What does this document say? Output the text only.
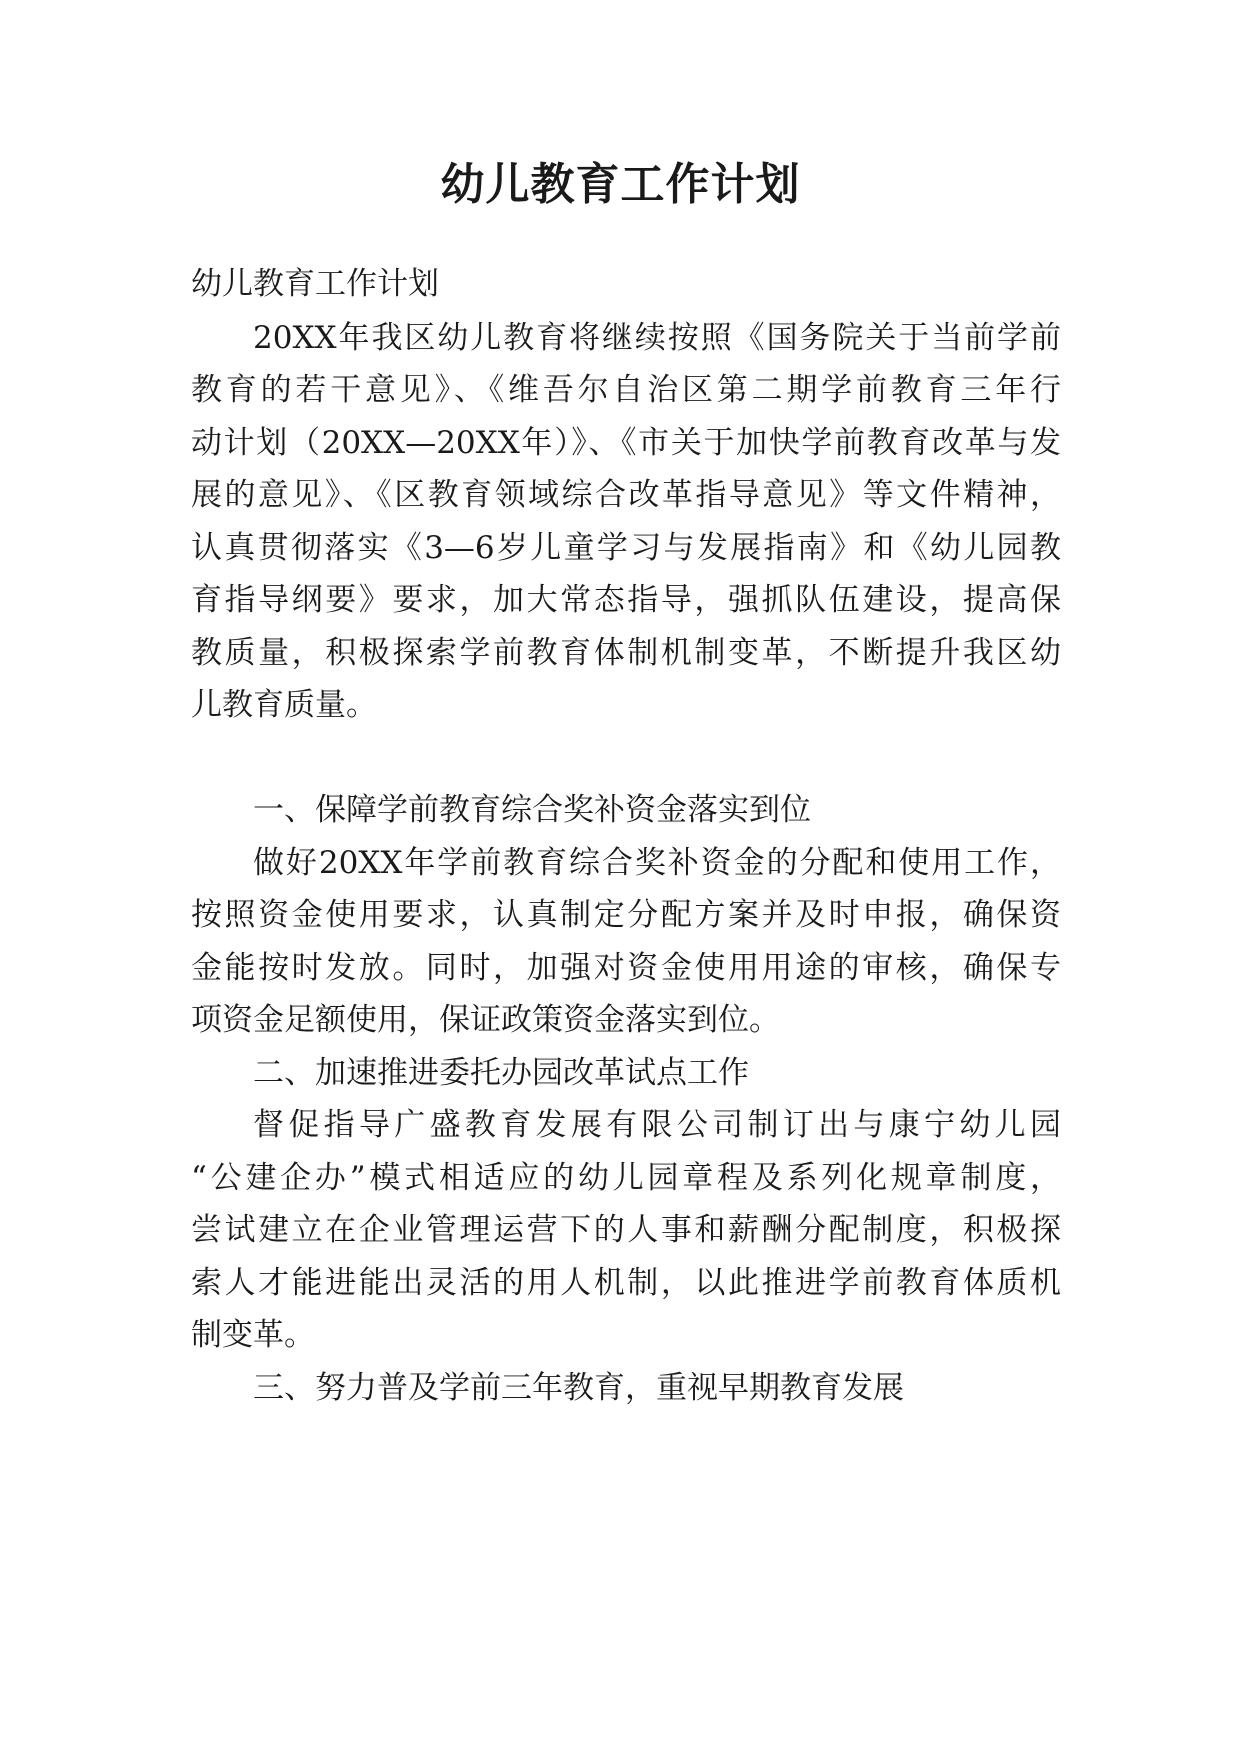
幼儿教育工作计划
幼儿教育工作计划
20XX年我区幼儿教育将继续按照《国务院关于当前学前
教育的若干意见》、《维吾尔自治区第二期学前教育三年行
动计划（20XX—20XX年）》、《市关于加快学前教育改革与发
展的意见》、《区教育领域综合改革指导意见》等文件精神，
认真贯彻落实《3—6岁儿童学习与发展指南》和《幼儿园教
育指导纲要》要求，加大常态指导，强抓队伍建设，提高保
教质量，积极探索学前教育体制机制变革，不断提升我区幼
儿教育质量。
一、保障学前教育综合奖补资金落实到位
做好20XX年学前教育综合奖补资金的分配和使用工作，
按照资金使用要求，认真制定分配方案并及时申报，确保资
金能按时发放。同时，加强对资金使用用途的审核，确保专
项资金足额使用，保证政策资金落实到位。
二、加速推进委托办园改革试点工作
督促指导广盛教育发展有限公司制订出与康宁幼儿园
“公建企办”模式相适应的幼儿园章程及系列化规章制度，
尝试建立在企业管理运营下的人事和薪酬分配制度，积极探
索人才能进能出灵活的用人机制，以此推进学前教育体质机
制变革。
三、努力普及学前三年教育，重视早期教育发展
